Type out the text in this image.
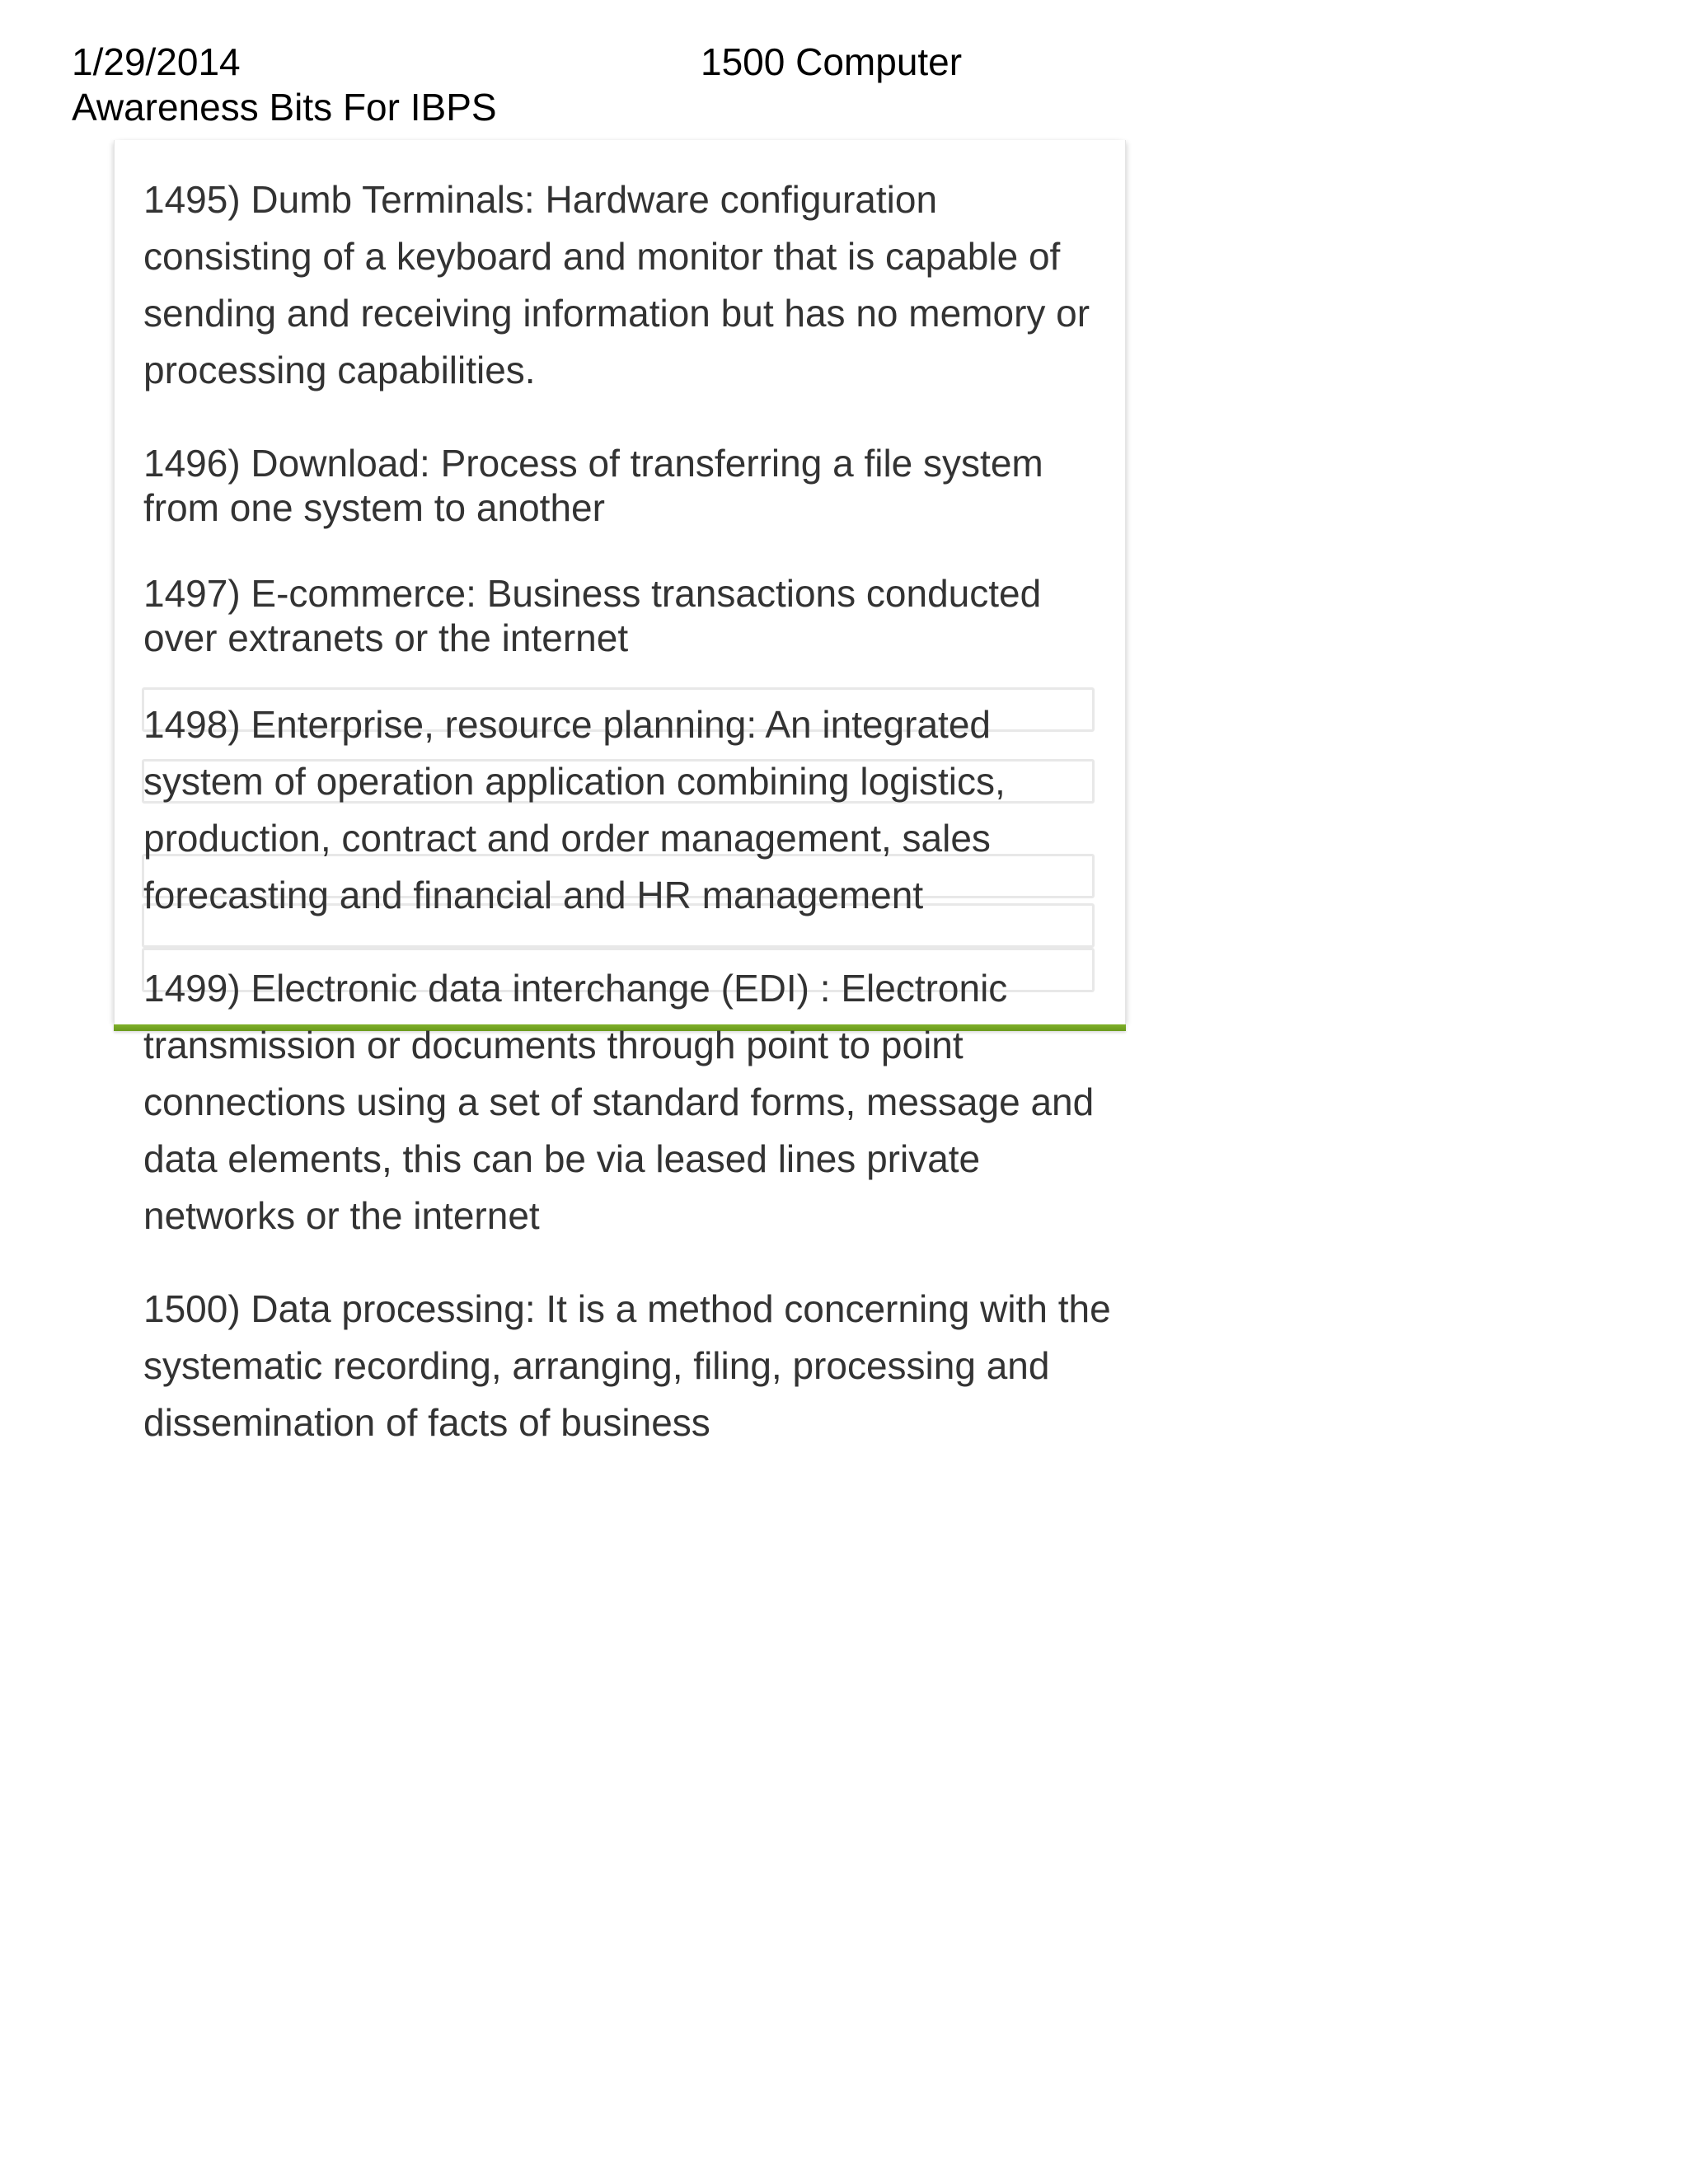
1/29/2014	1500 Computer
Awareness Bits For IBPS

1495) Dumb Terminals: Hardware configuration consisting of a keyboard and monitor that is capable of sending and receiving information but has no memory or processing capabilities.

1496) Download: Process of transferring a file system from one system to another

1497) E-commerce: Business transactions conducted over extranets or the internet

1498) Enterprise, resource planning: An integrated system of operation application combining logistics, production, contract and order management, sales forecasting and financial and HR management

1499) Electronic data interchange (EDI) : Electronic transmission or documents through point to point connections using a set of standard forms, message and data elements, this can be via leased lines private networks or the internet

1500) Data processing: It is a method concerning with the systematic recording, arranging, filing, processing and dissemination of facts of business
